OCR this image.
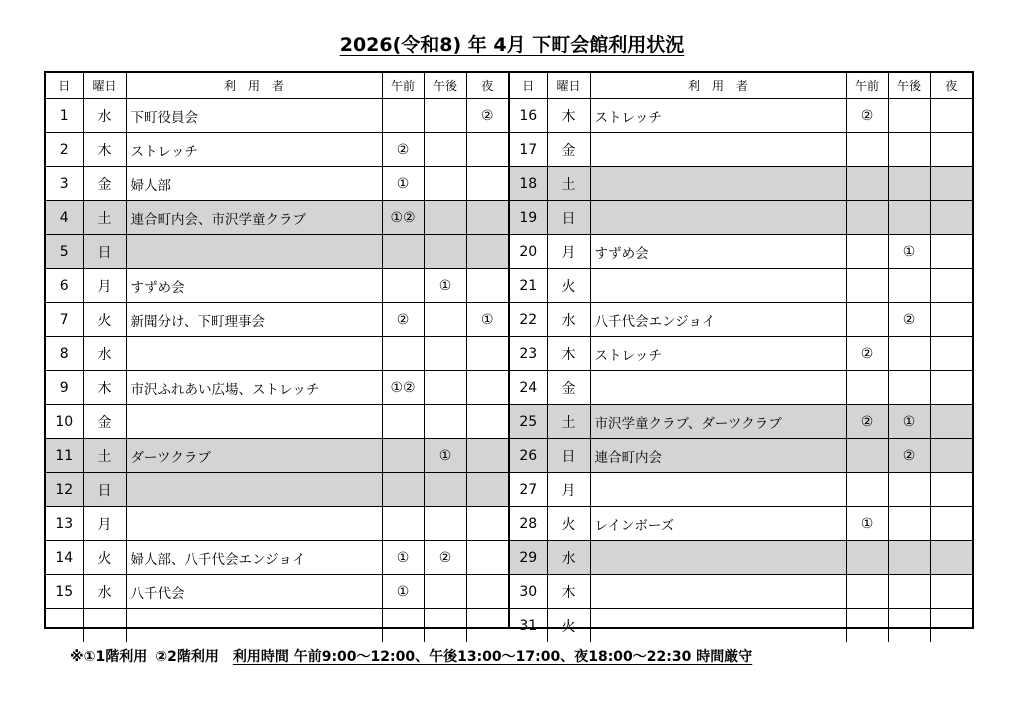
2026(令和8) 年 4月 下町会館利用状況
日	曜日	利　用　者	午前	午後	夜
1	水	下町役員会			②
2	木	ストレッチ	②		
3	金	婦人部	①		
4	土	連合町内会、市沢学童クラブ	①②		
5	日				
6	月	すずめ会		①	
7	火	新聞分け、下町理事会	②		①
8	水				
9	木	市沢ふれあい広場、ストレッチ	①②		
10	金				
11	土	ダーツクラブ		①	
12	日				
13	月				
14	火	婦人部、八千代会エンジョイ	①	②	
15	水	八千代会	①		

日	曜日	利　用　者	午前	午後	夜
16	木	ストレッチ	②		
17	金				
18	土				
19	日				
20	月	すずめ会		①	
21	火				
22	水	八千代会エンジョイ		②	
23	木	ストレッチ	②		
24	金				
25	土	市沢学童クラブ、ダーツクラブ	②	①	
26	日	連合町内会		②	
27	月				
28	火	レインボーズ	①		
29	水				
30	木				
31	火				
※①1階利用 ②2階利用 利用時間 午前9:00～12:00、午後13:00～17:00、夜18:00～22:30 時間厳守
